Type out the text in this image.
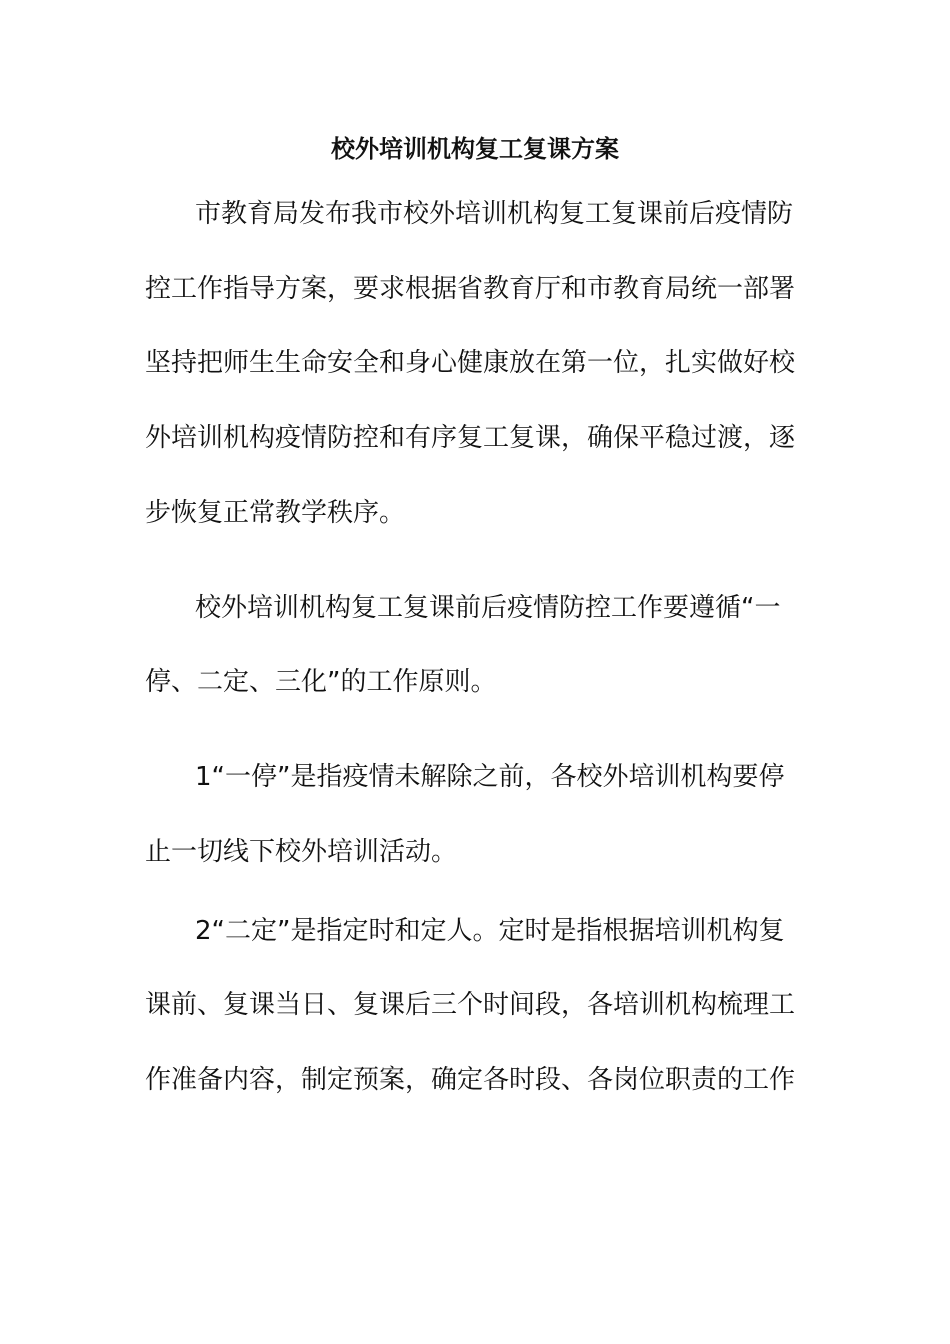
校外培训机构复工复课方案
市教育局发布我市校外培训机构复工复课前后疫情防
控工作指导方案，要求根据省教育厅和市教育局统一部署
坚持把师生生命安全和身心健康放在第一位，扎实做好校
外培训机构疫情防控和有序复工复课，确保平稳过渡，逐
步恢复正常教学秩序。
校外培训机构复工复课前后疫情防控工作要遵循“一
停、二定、三化”的工作原则。
1“一停”是指疫情未解除之前，各校外培训机构要停
止一切线下校外培训活动。
2“二定”是指定时和定人。定时是指根据培训机构复
课前、复课当日、复课后三个时间段，各培训机构梳理工
作准备内容，制定预案，确定各时段、各岗位职责的工作
